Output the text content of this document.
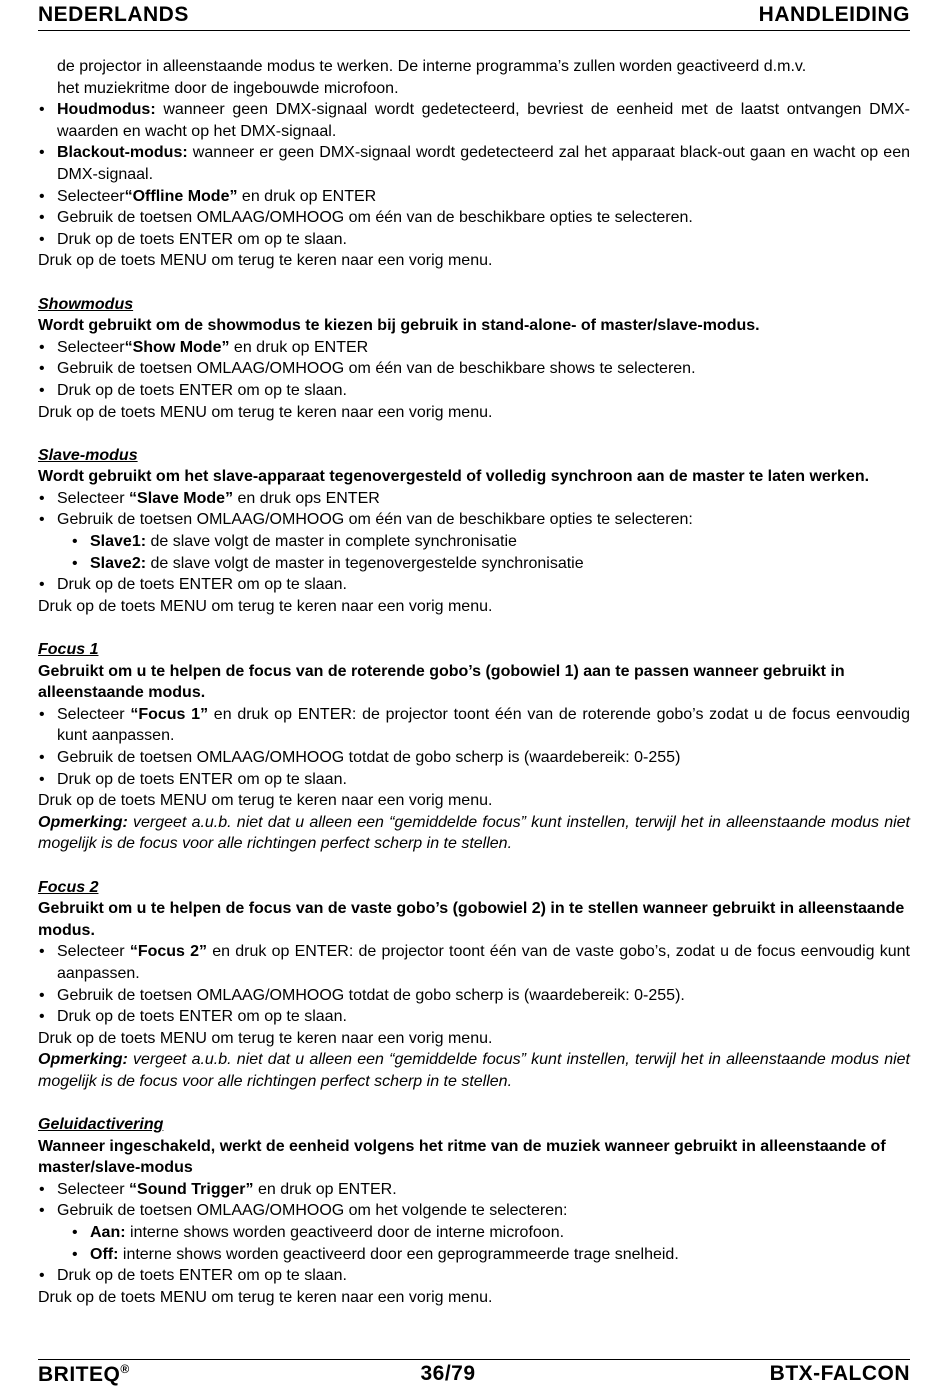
NEDERLANDS	HANDLEIDING

de projector in alleenstaande modus te werken. De interne programma’s zullen worden geactiveerd d.m.v.
het muziekritme door de ingebouwde microfoon.

• Houdmodus: wanneer geen DMX-signaal wordt gedetecteerd, bevriest de eenheid met de laatst ontvangen DMX-waarden en wacht op het DMX-signaal.

• Blackout-modus: wanneer er geen DMX-signaal wordt gedetecteerd zal het apparaat black-out gaan en wacht op een DMX-signaal.

• Selecteer“Offline Mode” en druk op ENTER

• Gebruik de toetsen OMLAAG/OMHOOG om één van de beschikbare opties te selecteren.

• Druk op de toets ENTER om op te slaan.

Druk op de toets MENU om terug te keren naar een vorig menu.

Showmodus

Wordt gebruikt om de showmodus te kiezen bij gebruik in stand-alone- of master/slave-modus.

• Selecteer“Show Mode” en druk op ENTER

• Gebruik de toetsen OMLAAG/OMHOOG om één van de beschikbare shows te selecteren.

• Druk op de toets ENTER om op te slaan.

Druk op de toets MENU om terug te keren naar een vorig menu.

Slave-modus

Wordt gebruikt om het slave-apparaat tegenovergesteld of volledig synchroon aan de master te laten werken.

• Selecteer “Slave Mode” en druk ops ENTER

• Gebruik de toetsen OMLAAG/OMHOOG om één van de beschikbare opties te selecteren:

• Slave1: de slave volgt de master in complete synchronisatie

• Slave2: de slave volgt de master in tegenovergestelde synchronisatie

• Druk op de toets ENTER om op te slaan.

Druk op de toets MENU om terug te keren naar een vorig menu.

Focus 1

Gebruikt om u te helpen de focus van de roterende gobo’s (gobowiel 1) aan te passen wanneer gebruikt in alleenstaande modus.

• Selecteer “Focus 1” en druk op ENTER: de projector toont één van de roterende gobo’s zodat u de focus eenvoudig kunt aanpassen.

• Gebruik de toetsen OMLAAG/OMHOOG totdat de gobo scherp is (waardebereik: 0-255)

• Druk op de toets ENTER om op te slaan.

Druk op de toets MENU om terug te keren naar een vorig menu.

Opmerking: vergeet a.u.b. niet dat u alleen een “gemiddelde focus” kunt instellen, terwijl het in alleenstaande modus niet mogelijk is de focus voor alle richtingen perfect scherp in te stellen.

Focus 2

Gebruikt om u te helpen de focus van de vaste gobo’s (gobowiel 2) in te stellen wanneer gebruikt in alleenstaande modus.

• Selecteer “Focus 2” en druk op ENTER: de projector toont één van de vaste gobo’s, zodat u de focus eenvoudig kunt aanpassen.

• Gebruik de toetsen OMLAAG/OMHOOG totdat de gobo scherp is (waardebereik: 0-255).

• Druk op de toets ENTER om op te slaan.

Druk op de toets MENU om terug te keren naar een vorig menu.

Opmerking: vergeet a.u.b. niet dat u alleen een “gemiddelde focus” kunt instellen, terwijl het in alleenstaande modus niet mogelijk is de focus voor alle richtingen perfect scherp in te stellen.

Geluidactivering

Wanneer ingeschakeld, werkt de eenheid volgens het ritme van de muziek wanneer gebruikt in alleenstaande of master/slave-modus

• Selecteer “Sound Trigger” en druk op ENTER.

• Gebruik de toetsen OMLAAG/OMHOOG om het volgende te selecteren:

• Aan: interne shows worden geactiveerd door de interne microfoon.

• Off: interne shows worden geactiveerd door een geprogrammeerde trage snelheid.

• Druk op de toets ENTER om op te slaan.

Druk op de toets MENU om terug te keren naar een vorig menu.

BRITEQ®	36/79	BTX-FALCON
